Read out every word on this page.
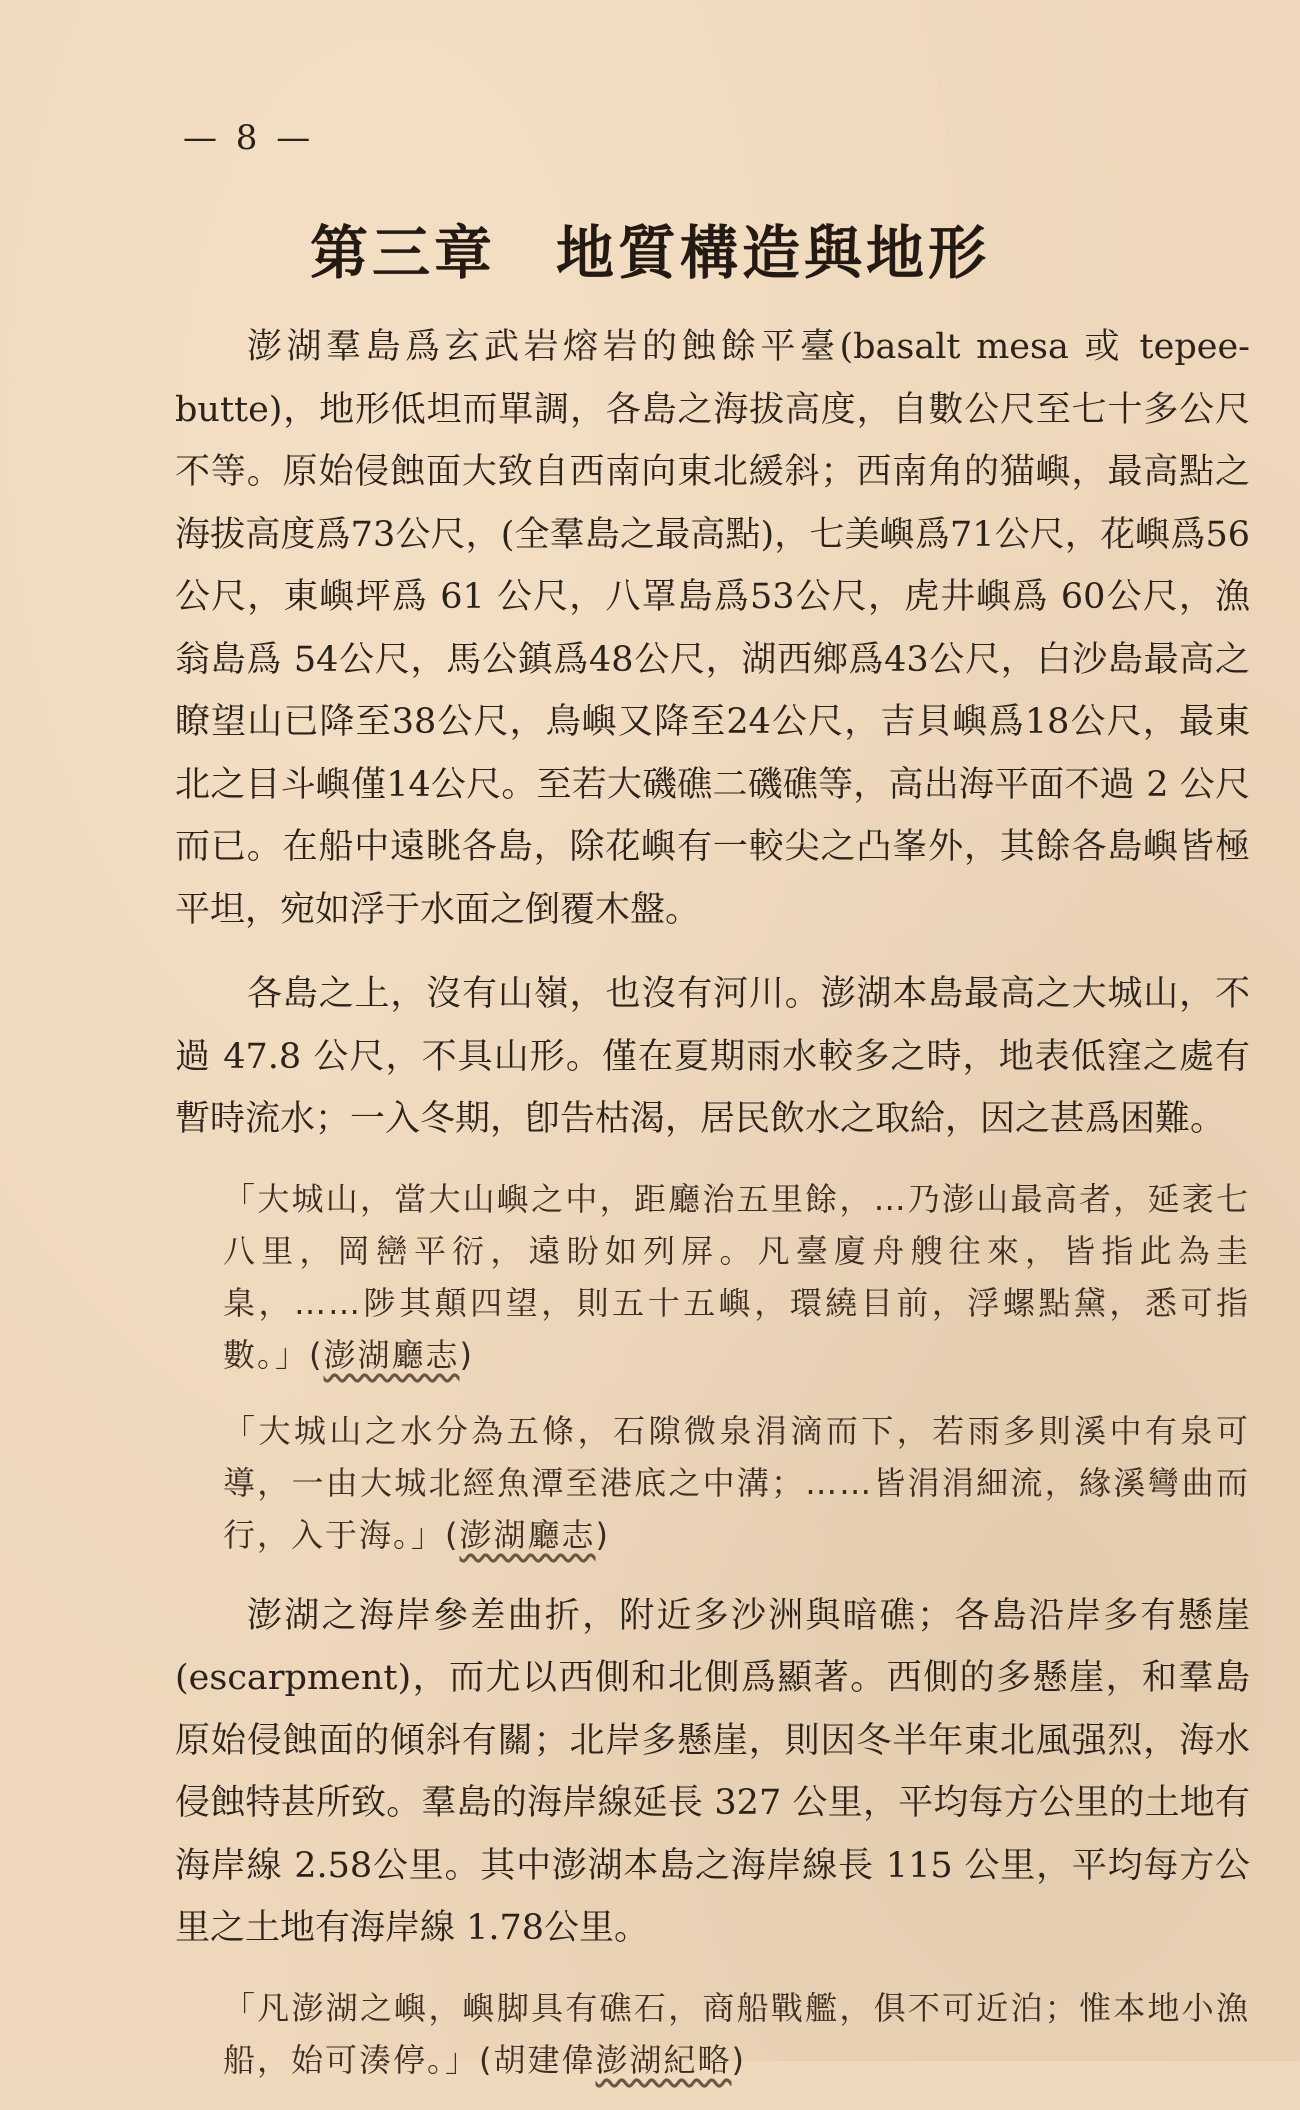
— 8 —
第三章 地質構造與地形

澎湖羣島爲玄武岩熔岩的蝕餘平臺(basalt mesa 或 tepee-butte)，地形低坦而單調，各島之海拔高度，自數公尺至七十多公尺不等。原始侵蝕面大致自西南向東北緩斜；西南角的猫嶼，最高點之海拔高度爲73公尺，(全羣島之最高點)，七美嶼爲71公尺，花嶼爲56公尺，東嶼坪爲 61 公尺，八罩島爲53公尺，虎井嶼爲 60公尺，漁翁島爲 54公尺，馬公鎮爲48公尺，湖西鄉爲43公尺，白沙島最高之瞭望山已降至38公尺，鳥嶼又降至24公尺，吉貝嶼爲18公尺，最東北之目斗嶼僅14公尺。至若大磯礁二磯礁等，高出海平面不過 2 公尺而已。在船中遠眺各島，除花嶼有一較尖之凸峯外，其餘各島嶼皆極平坦，宛如浮于水面之倒覆木盤。

各島之上，沒有山嶺，也沒有河川。澎湖本島最高之大城山，不過 47.8 公尺，不具山形。僅在夏期雨水較多之時，地表低窪之處有暫時流水；一入冬期，卽告枯渴，居民飲水之取給，因之甚爲困難。

「大城山，當大山嶼之中，距廳治五里餘，…乃澎山最高者，延袤七八里，岡巒平衍，遠盼如列屏。凡臺廈舟艘往來，皆指此為圭臬，……陟其顛四望，則五十五嶼，環繞目前，浮螺點黛，悉可指數。」(澎湖廳志)
「大城山之水分為五條，石隙微泉涓滴而下，若雨多則溪中有泉可導，一由大城北經魚潭至港底之中溝；……皆涓涓細流，緣溪彎曲而行，入于海。」(澎湖廳志)

澎湖之海岸參差曲折，附近多沙洲與暗礁；各島沿岸多有懸崖(escarpment)，而尤以西側和北側爲顯著。西側的多懸崖，和羣島原始侵蝕面的傾斜有關；北岸多懸崖，則因冬半年東北風强烈，海水侵蝕特甚所致。羣島的海岸線延長 327 公里，平均每方公里的土地有海岸線 2.58公里。其中澎湖本島之海岸線長 115 公里，平均每方公里之土地有海岸線 1.78公里。

「凡澎湖之嶼，嶼脚具有礁石，商船戰艦，俱不可近泊；惟本地小漁船，始可湊停。」(胡建偉澎湖紀略)
